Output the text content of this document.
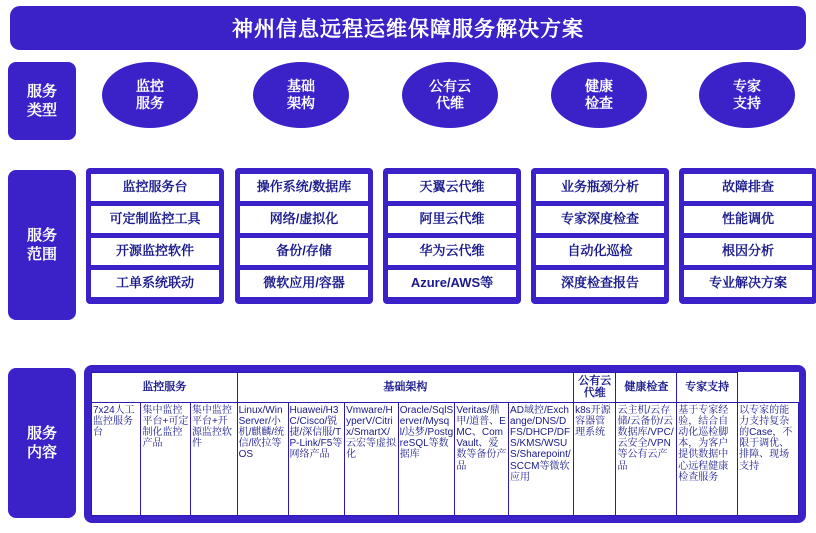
神州信息远程运维保障服务解决方案
服务
类型
服务
范围
服务
内容
监控
服务
基础
架构
公有云
代维
健康
检查
专家
支持
监控服务台
可定制监控工具
开源监控软件
工单系统联动
操作系统/数据库
网络/虚拟化
备份/存储
微软应用/容器
天翼云代维
阿里云代维
华为云代维
Azure/AWS等
业务瓶颈分析
专家深度检查
自动化巡检
深度检查报告
故障排查
性能调优
根因分析
专业解决方案
监控服务			基础架构						公有云代维	健康检查	专家支持	
7x24人工监控服务台	集中监控平台+可定制化监控产品	集中监控平台+开源监控软件	Linux/WinServer/小机/麒麟/统信/欧拉等OS	Huawei/H3C/Cisco/锐捷/深信服/TP-Link/F5等网络产品	Vmware/HyperV/Citrix/SmartX/云宏等虚拟化	Oracle/SqlServer/Mysql/达梦/PostgreSQL等数据库	Veritas/鼎甲/道普、EMC、ComVault、爱数等备份产品	AD域控/Exchange/DNS/DFS/DHCP/DFS/KMS/WSUS/Sharepoint/SCCM等微软应用	k8s开源容器管理系统	云主机/云存储/云备份/云数据库/VPC/云安全/VPN等公有云产品	基于专家经验，结合自动化巡检脚本，为客户提供数据中心远程健康检查服务	以专家的能力支持复杂的Case，不限于调优、排障、现场支持
